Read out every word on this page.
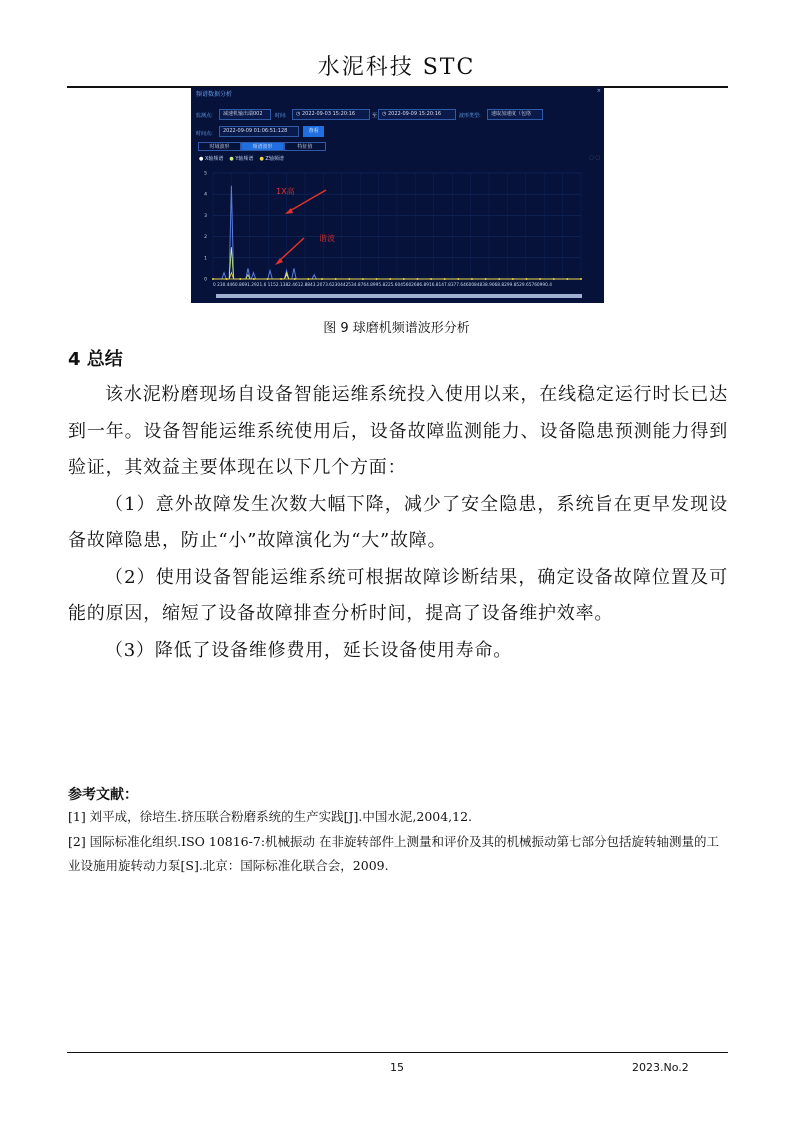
水泥科技 STC
频谱数据分析	×
监测点:	减速机输出端002	时间:	◷ 2022-09-03 15:20:16	至 ◷ 2022-09-09 15:20:16	波形类型:	速取加速度（包络
时间点:	2022-09-09 01:06:51:128	查看
时域波形	频谱波形	特征值
● X轴频谱 ● Y轴频谱 ● Z轴频谱	▢ ▢
0
1
2
3
4
5
1X高
谐波
0 230.4460.8691.2921.6 1152.1382.4612.8843.2073.6230442534.8764.8995.8225.6045602686.8916.8147.8377.6460084838.9068.8299.8529.65760990.4
图 9 球磨机频谱波形分析
4 总结
该水泥粉磨现场自设备智能运维系统投入使用以来，在线稳定运行时长已达到一年。设备智能运维系统使用后，设备故障监测能力、设备隐患预测能力得到验证，其效益主要体现在以下几个方面：
（1）意外故障发生次数大幅下降，减少了安全隐患，系统旨在更早发现设备故障隐患，防止“小”故障演化为“大”故障。
（2）使用设备智能运维系统可根据故障诊断结果，确定设备故障位置及可能的原因，缩短了设备故障排查分析时间，提高了设备维护效率。
（3）降低了设备维修费用，延长设备使用寿命。
参考文献：
[1] 刘平成，徐培生.挤压联合粉磨系统的生产实践[J].中国水泥,2004,12.
[2] 国际标准化组织.ISO 10816-7:机械振动 在非旋转部件上测量和评价及其的机械振动第七部分包括旋转轴测量的工业设施用旋转动力泵[S].北京：国际标准化联合会，2009.
15	2023.No.2
